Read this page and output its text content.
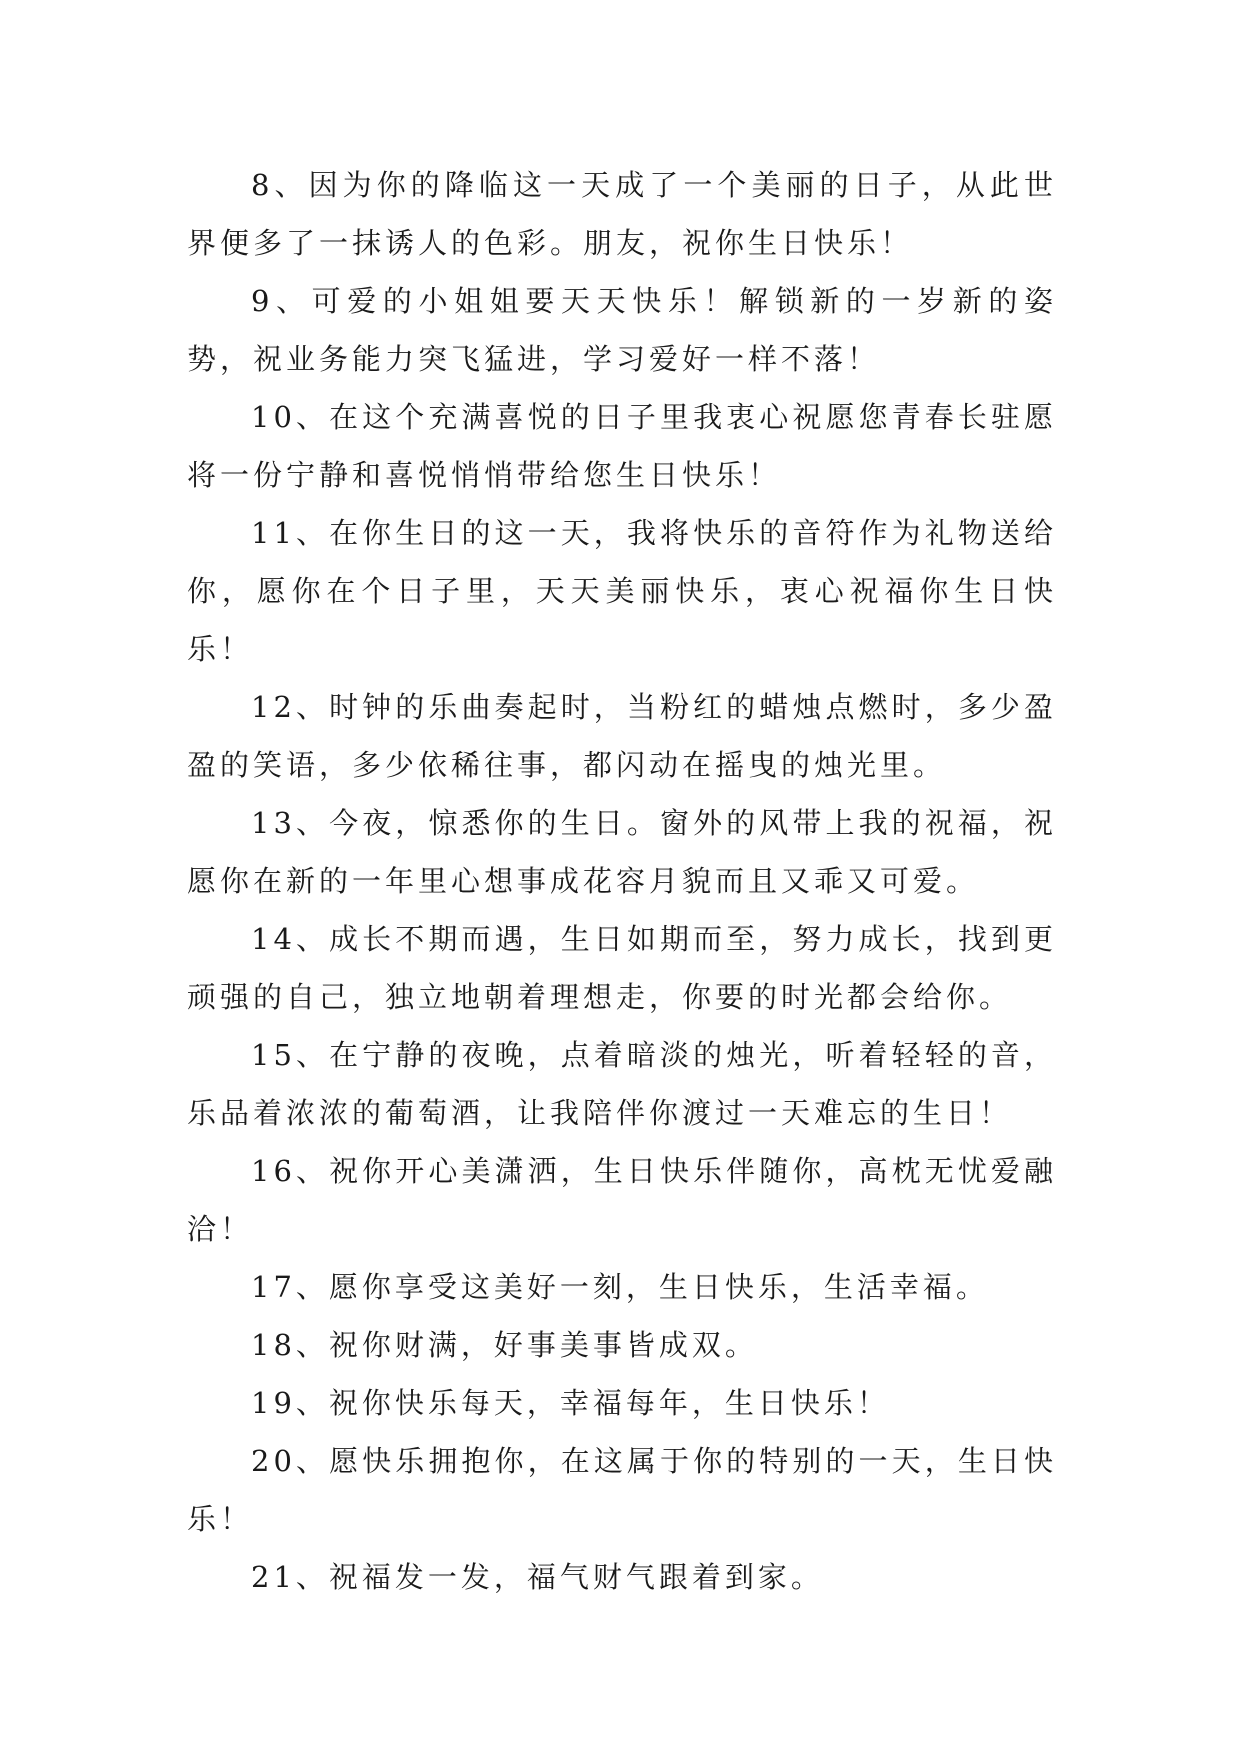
8、因为你的降临这一天成了一个美丽的日子，从此世界便多了一抹诱人的色彩。朋友，祝你生日快乐！

9、可爱的小姐姐要天天快乐！解锁新的一岁新的姿势，祝业务能力突飞猛进，学习爱好一样不落！

10、在这个充满喜悦的日子里我衷心祝愿您青春长驻愿将一份宁静和喜悦悄悄带给您生日快乐！

11、在你生日的这一天，我将快乐的音符作为礼物送给你，愿你在个日子里，天天美丽快乐，衷心祝福你生日快乐！

12、时钟的乐曲奏起时，当粉红的蜡烛点燃时，多少盈盈的笑语，多少依稀往事，都闪动在摇曳的烛光里。

13、今夜，惊悉你的生日。窗外的风带上我的祝福，祝愿你在新的一年里心想事成花容月貌而且又乖又可爱。

14、成长不期而遇，生日如期而至，努力成长，找到更顽强的自己，独立地朝着理想走，你要的时光都会给你。

15、在宁静的夜晚，点着暗淡的烛光，听着轻轻的音，乐品着浓浓的葡萄酒，让我陪伴你渡过一天难忘的生日！

16、祝你开心美潇洒，生日快乐伴随你，高枕无忧爱融洽！

17、愿你享受这美好一刻，生日快乐，生活幸福。

18、祝你财满，好事美事皆成双。

19、祝你快乐每天，幸福每年，生日快乐！

20、愿快乐拥抱你，在这属于你的特别的一天，生日快乐！

21、祝福发一发，福气财气跟着到家。
